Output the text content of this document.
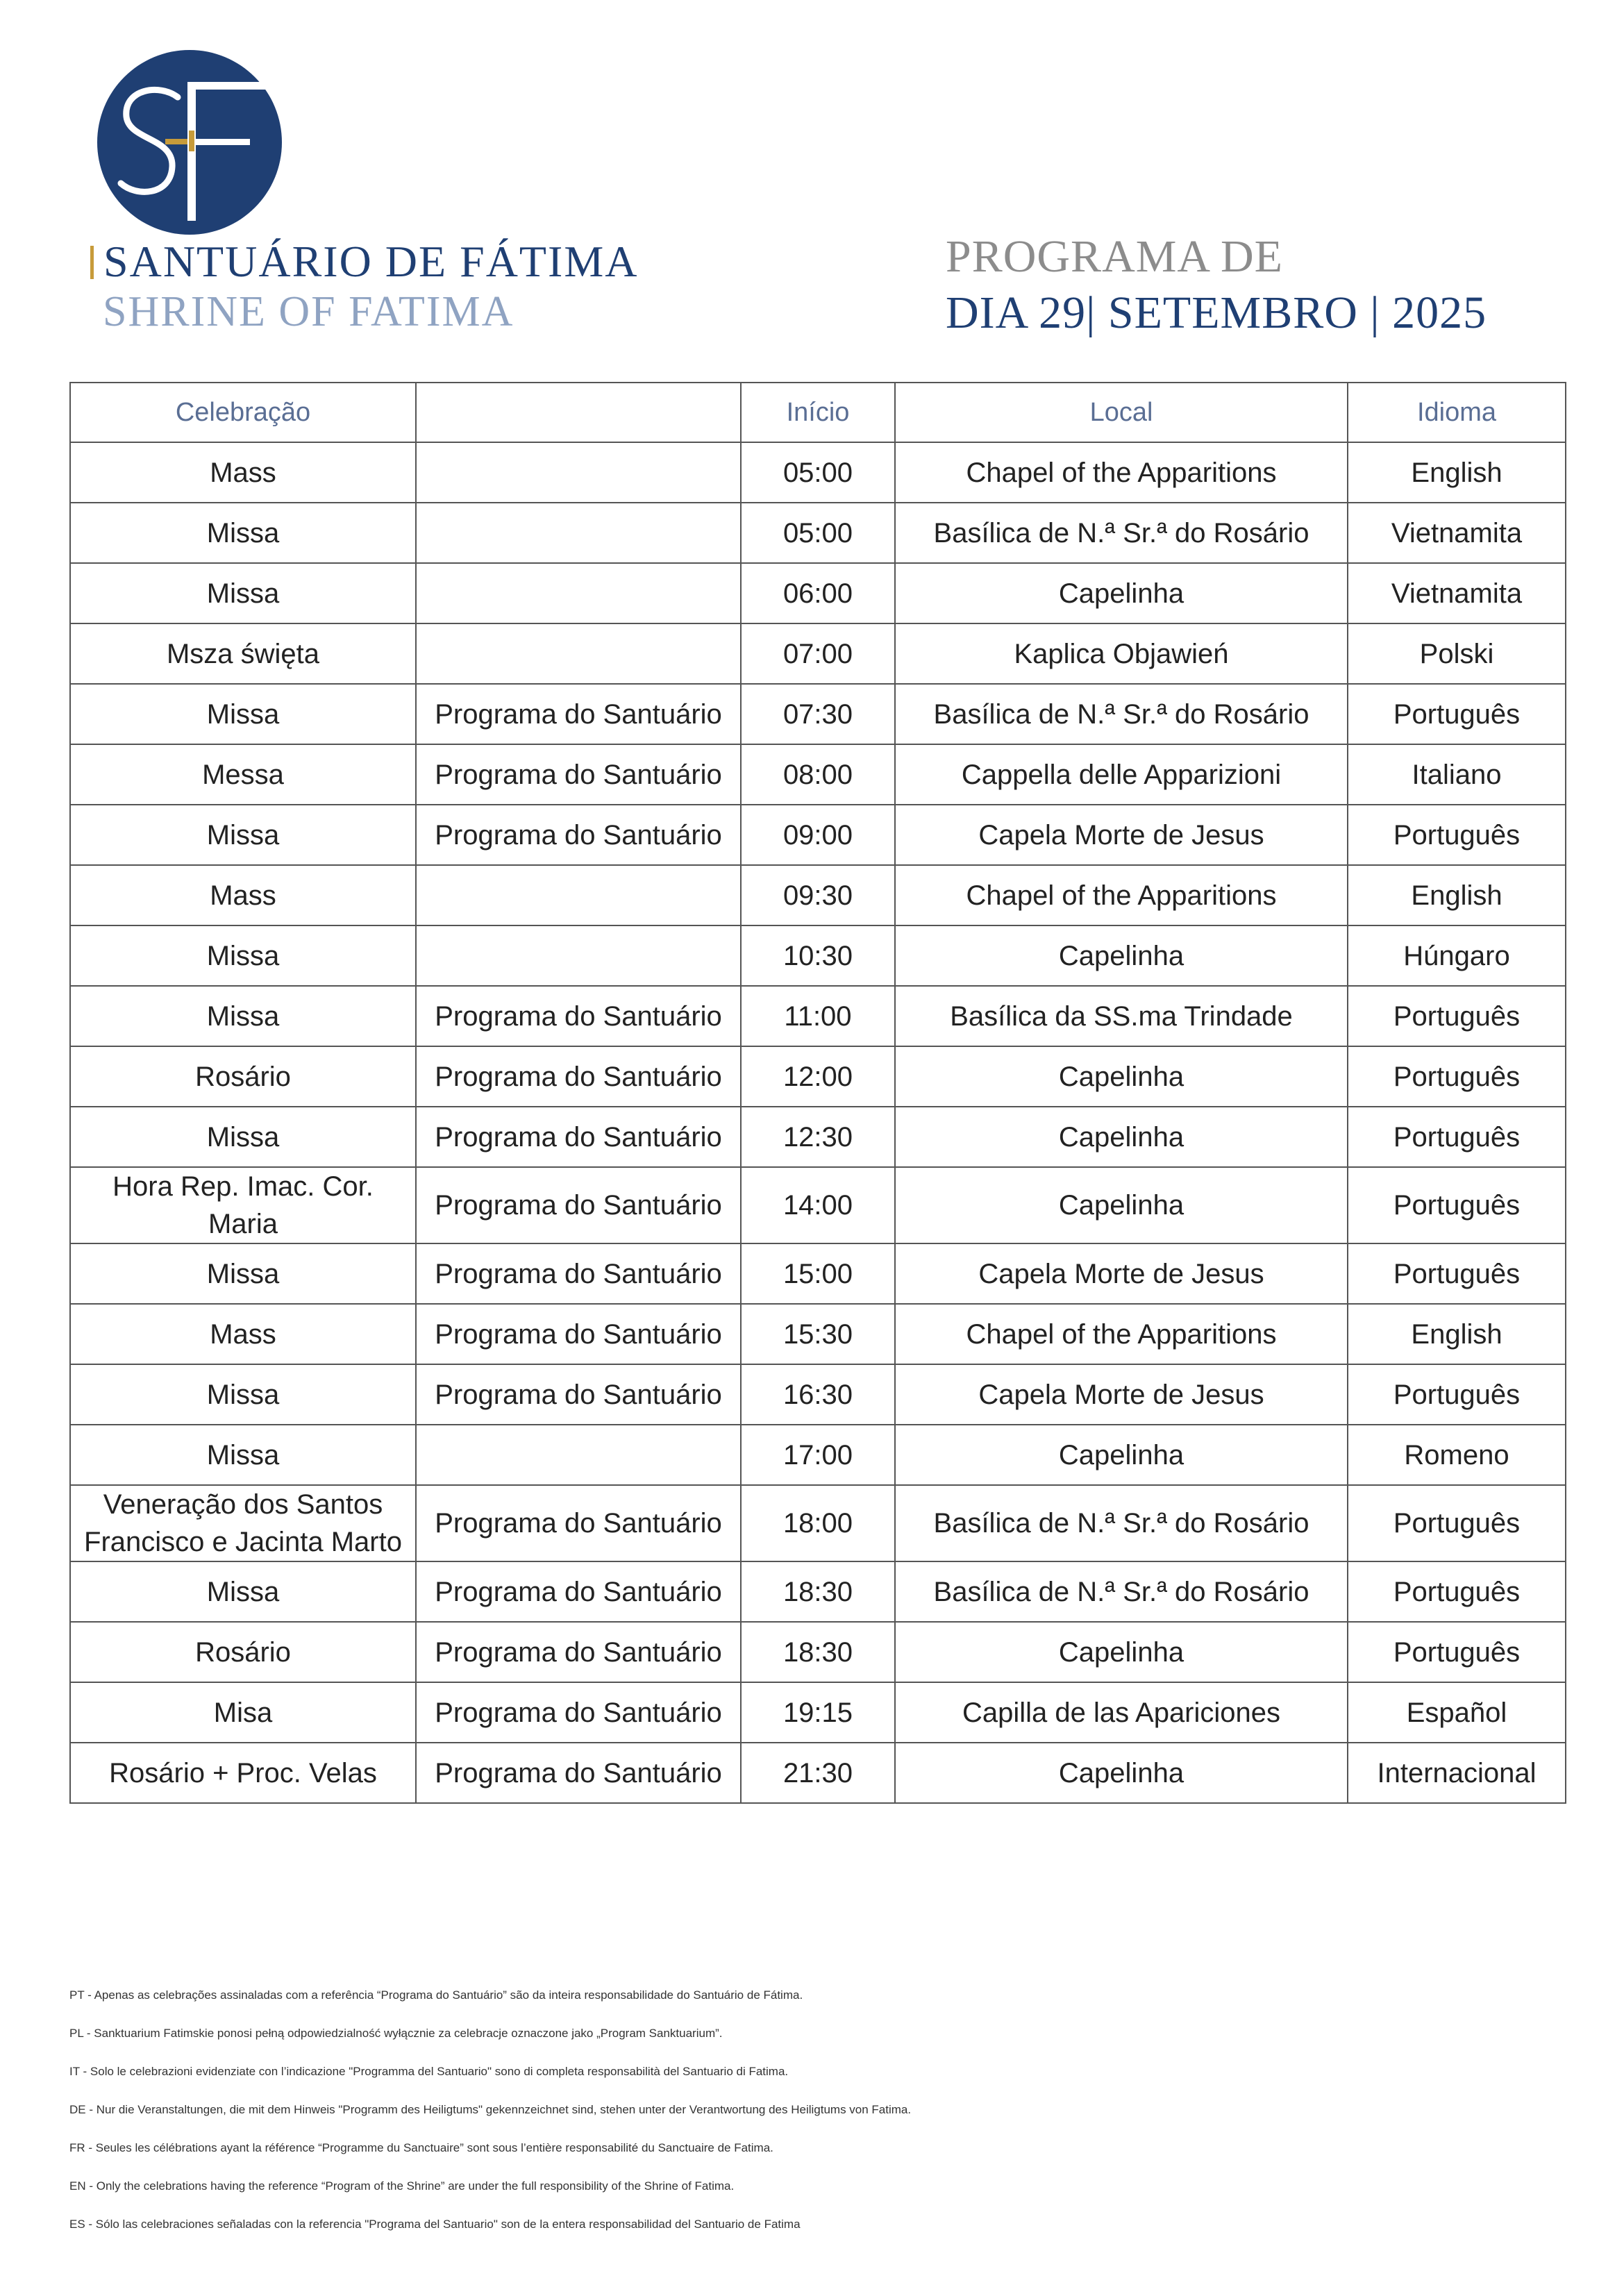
SANTUÁRIO DE FÁTIMA
SHRINE OF FATIMA
PROGRAMA DE
DIA 29| SETEMBRO | 2025
Celebração		Início	Local	Idioma
Mass		05:00	Chapel of the Apparitions	English
Missa		05:00	Basílica de N.ª Sr.ª do Rosário	Vietnamita
Missa		06:00	Capelinha	Vietnamita
Msza święta		07:00	Kaplica Objawień	Polski
Missa	Programa do Santuário	07:30	Basílica de N.ª Sr.ª do Rosário	Português
Messa	Programa do Santuário	08:00	Cappella delle Apparizioni	Italiano
Missa	Programa do Santuário	09:00	Capela Morte de Jesus	Português
Mass		09:30	Chapel of the Apparitions	English
Missa		10:30	Capelinha	Húngaro
Missa	Programa do Santuário	11:00	Basílica da SS.ma Trindade	Português
Rosário	Programa do Santuário	12:00	Capelinha	Português
Missa	Programa do Santuário	12:30	Capelinha	Português
Hora Rep. Imac. Cor. Maria	Programa do Santuário	14:00	Capelinha	Português
Missa	Programa do Santuário	15:00	Capela Morte de Jesus	Português
Mass	Programa do Santuário	15:30	Chapel of the Apparitions	English
Missa	Programa do Santuário	16:30	Capela Morte de Jesus	Português
Missa		17:00	Capelinha	Romeno
Veneração dos Santos Francisco e Jacinta Marto	Programa do Santuário	18:00	Basílica de N.ª Sr.ª do Rosário	Português
Missa	Programa do Santuário	18:30	Basílica de N.ª Sr.ª do Rosário	Português
Rosário	Programa do Santuário	18:30	Capelinha	Português
Misa	Programa do Santuário	19:15	Capilla de las Apariciones	Español
Rosário + Proc. Velas	Programa do Santuário	21:30	Capelinha	Internacional

PT - Apenas as celebrações assinaladas com a referência “Programa do Santuário” são da inteira responsabilidade do Santuário de Fátima.

PL - Sanktuarium Fatimskie ponosi pełną odpowiedzialność wyłącznie za celebracje oznaczone jako „Program Sanktuarium”.

IT - Solo le celebrazioni evidenziate con l’indicazione "Programma del Santuario" sono di completa responsabilità del Santuario di Fatima.

DE - Nur die Veranstaltungen, die mit dem Hinweis "Programm des Heiligtums" gekennzeichnet sind, stehen unter der Verantwortung des Heiligtums von Fatima.

FR - Seules les célébrations ayant la référence “Programme du Sanctuaire” sont sous l’entière responsabilité du Sanctuaire de Fatima.

EN - Only the celebrations having the reference “Program of the Shrine” are under the full responsibility of the Shrine of Fatima.

ES - Sólo las celebraciones señaladas con la referencia "Programa del Santuario" son de la entera responsabilidad del Santuario de Fatima
